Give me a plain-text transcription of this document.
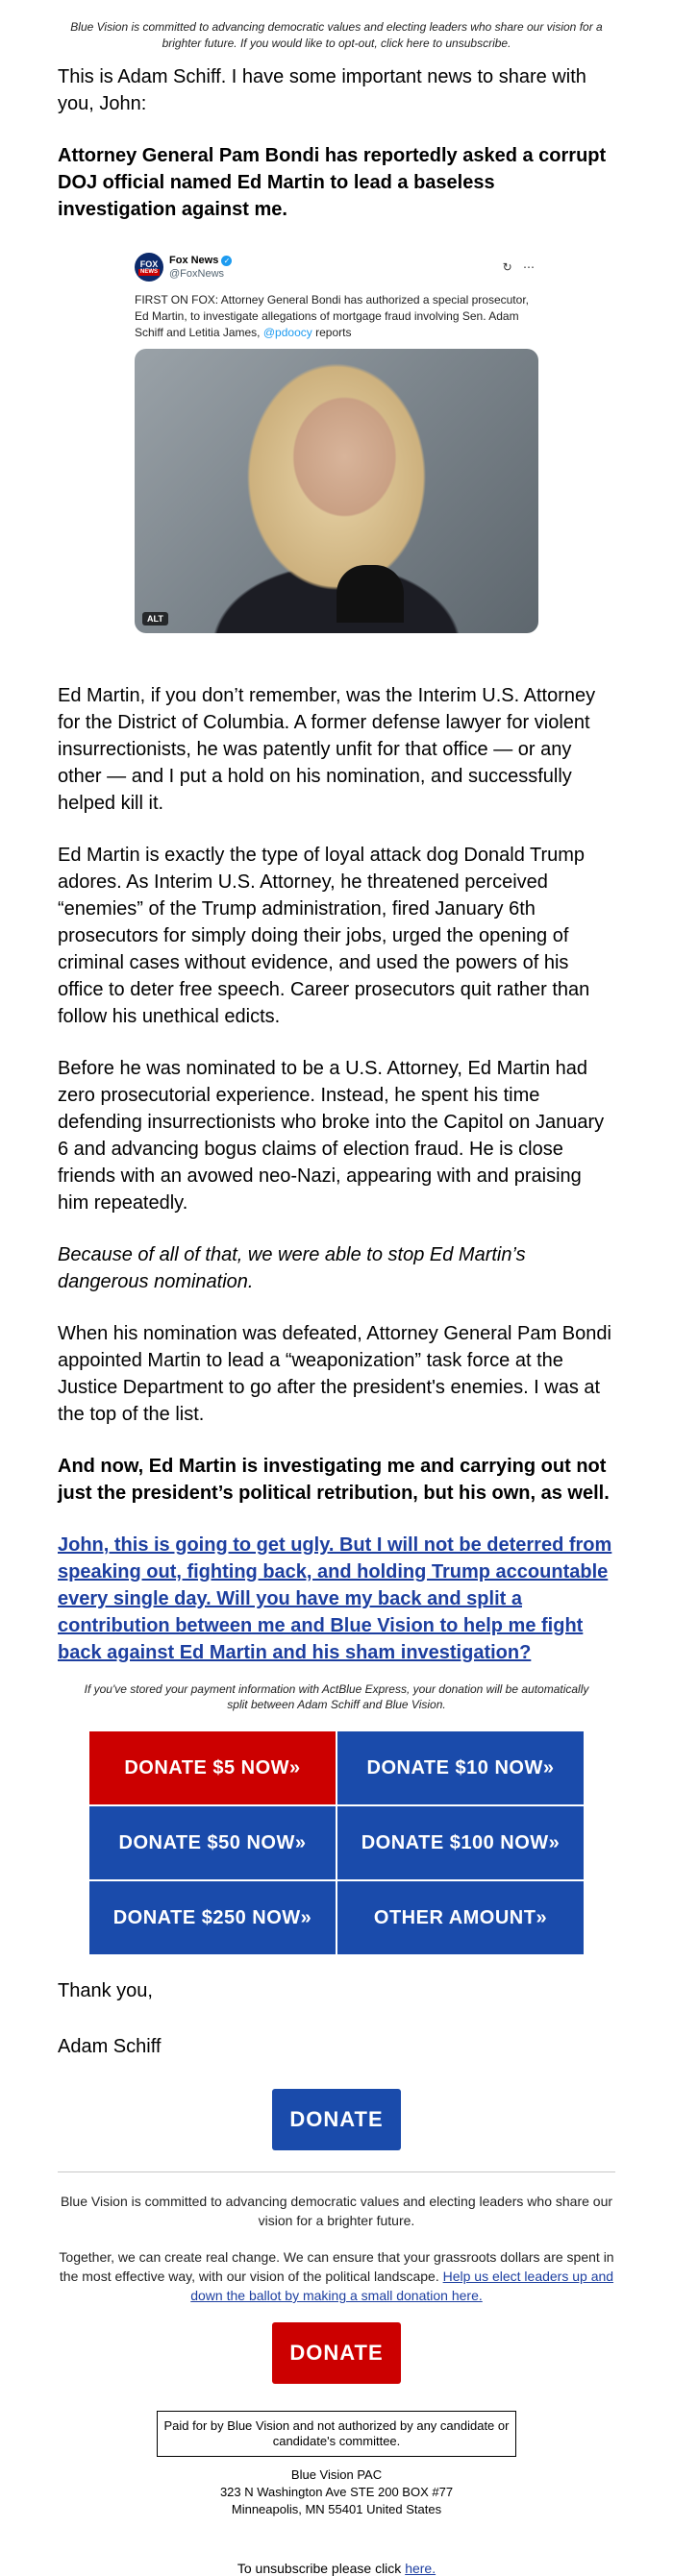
Blue Vision is committed to advancing democratic values and electing leaders who share our vision for a brighter future. If you would like to opt-out, click here to unsubscribe.

This is Adam Schiff. I have some important news to share with you, John:

Attorney General Pam Bondi has reportedly asked a corrupt DOJ official named Ed Martin to lead a baseless investigation against me.

FOX
NEWS
Fox News ✓
@FoxNews	↻ ⋯
FIRST ON FOX: Attorney General Bondi has authorized a special prosecutor, Ed Martin, to investigate allegations of mortgage fraud involving Sen. Adam Schiff and Letitia James, @pdoocy reports
ALT

Ed Martin, if you don’t remember, was the Interim U.S. Attorney for the District of Columbia. A former defense lawyer for violent insurrectionists, he was patently unfit for that office — or any other — and I put a hold on his nomination, and successfully helped kill it.

Ed Martin is exactly the type of loyal attack dog Donald Trump adores. As Interim U.S. Attorney, he threatened perceived “enemies” of the Trump administration, fired January 6th prosecutors for simply doing their jobs, urged the opening of criminal cases without evidence, and used the powers of his office to deter free speech. Career prosecutors quit rather than follow his unethical edicts.

Before he was nominated to be a U.S. Attorney, Ed Martin had zero prosecutorial experience. Instead, he spent his time defending insurrectionists who broke into the Capitol on January 6 and advancing bogus claims of election fraud. He is close friends with an avowed neo-Nazi, appearing with and praising him repeatedly.

Because of all of that, we were able to stop Ed Martin’s dangerous nomination.

When his nomination was defeated, Attorney General Pam Bondi appointed Martin to lead a “weaponization” task force at the Justice Department to go after the president's enemies. I was at the top of the list.

And now, Ed Martin is investigating me and carrying out not just the president’s political retribution, but his own, as well.

John, this is going to get ugly. But I will not be deterred from speaking out, fighting back, and holding Trump accountable every single day. Will you have my back and split a contribution between me and Blue Vision to help me fight back against Ed Martin and his sham investigation?

If you've stored your payment information with ActBlue Express, your donation will be automatically split between Adam Schiff and Blue Vision.
DONATE $5 NOW»	DONATE $10 NOW»
DONATE $50 NOW»	DONATE $100 NOW»
DONATE $250 NOW»	OTHER AMOUNT»

Thank you,

Adam Schiff

DONATE

Blue Vision is committed to advancing democratic values and electing leaders who share our vision for a brighter future.

Together, we can create real change. We can ensure that your grassroots dollars are spent in the most effective way, with our vision of the political landscape. Help us elect leaders up and down the ballot by making a small donation here.

DONATE
Paid for by Blue Vision and not authorized by any candidate or candidate's committee.
Blue Vision PAC
323 N Washington Ave STE 200 BOX #77
Minneapolis, MN 55401 United States
To unsubscribe please click here.
